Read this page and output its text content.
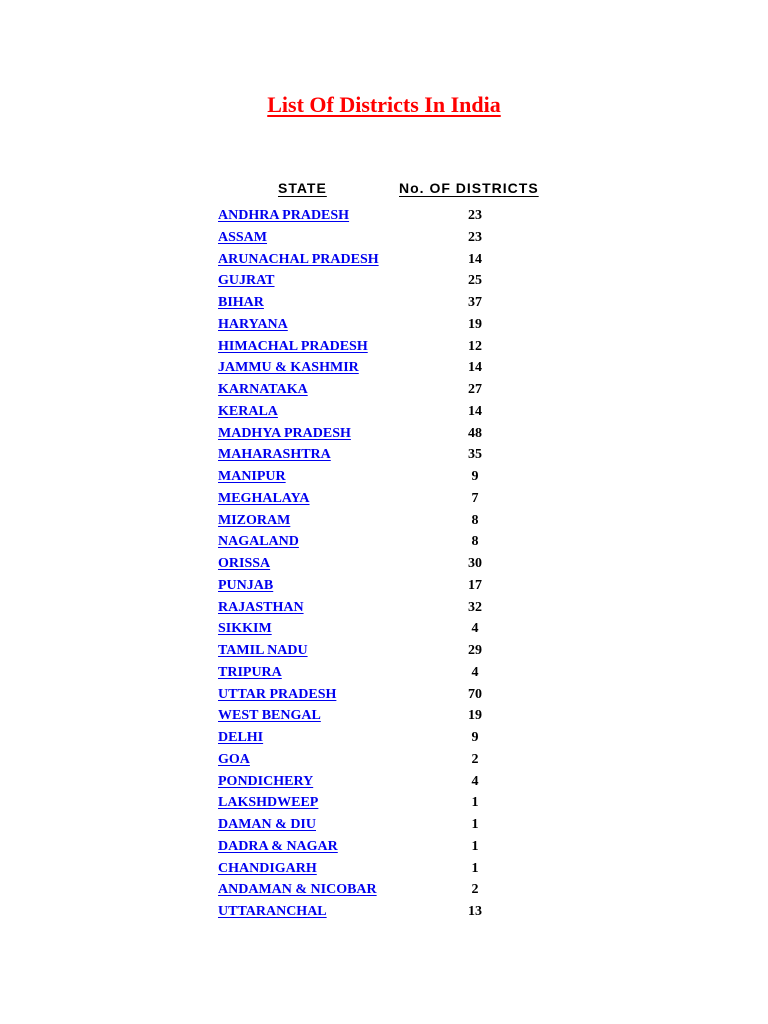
List Of Districts In India
STATE	No. OF DISTRICTS
ANDHRA PRADESH	23
ASSAM	23
ARUNACHAL PRADESH	14
GUJRAT	25
BIHAR	37
HARYANA	19
HIMACHAL PRADESH	12
JAMMU & KASHMIR	14
KARNATAKA	27
KERALA	14
MADHYA PRADESH	48
MAHARASHTRA	35
MANIPUR	9
MEGHALAYA	7
MIZORAM	8
NAGALAND	8
ORISSA	30
PUNJAB	17
RAJASTHAN	32
SIKKIM	4
TAMIL NADU	29
TRIPURA	4
UTTAR PRADESH	70
WEST BENGAL	19
DELHI	9
GOA	2
PONDICHERY	4
LAKSHDWEEP	1
DAMAN & DIU	1
DADRA & NAGAR	1
CHANDIGARH	1
ANDAMAN & NICOBAR	2
UTTARANCHAL	13
